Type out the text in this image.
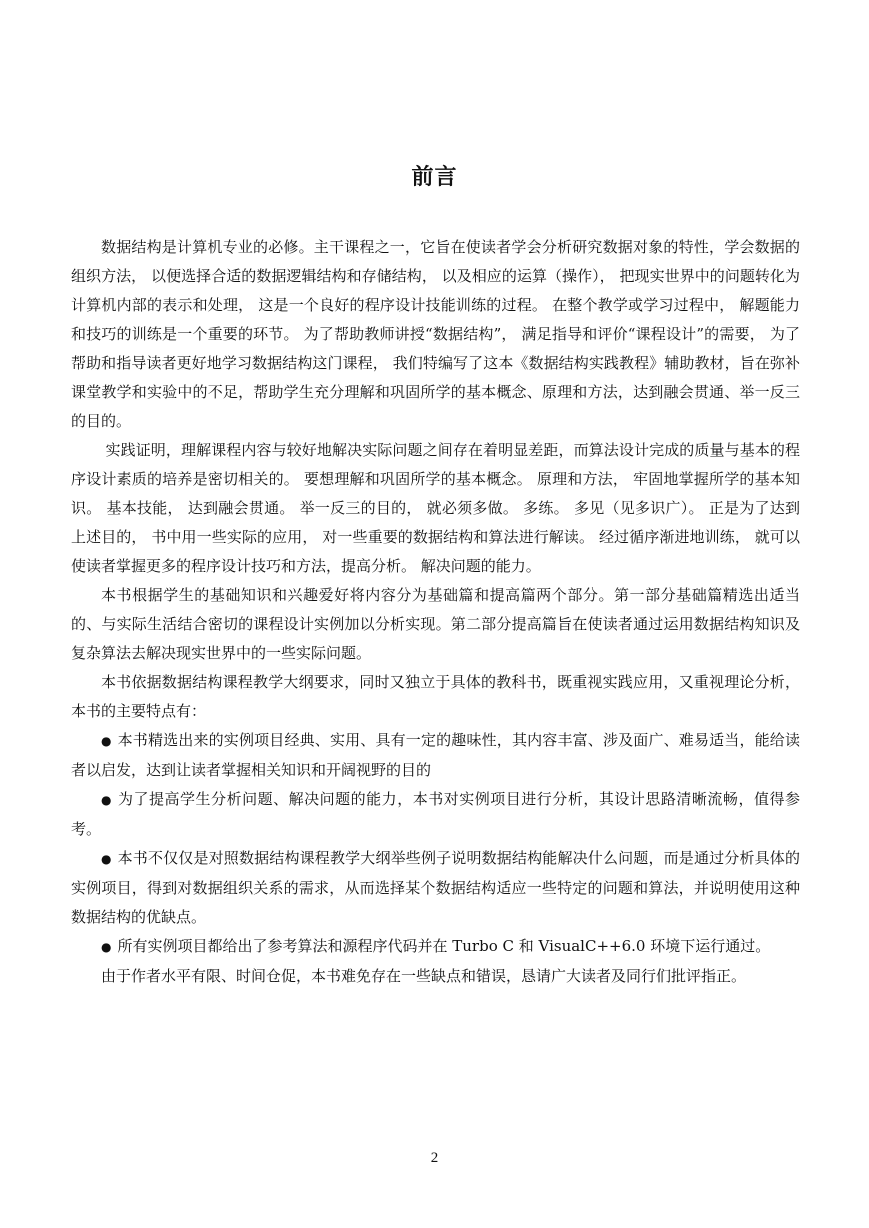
前言

数据结构是计算机专业的必修。主干课程之一，它旨在使读者学会分析研究数据对象的特性，学会数据的组织方法， 以便选择合适的数据逻辑结构和存储结构， 以及相应的运算（操作）， 把现实世界中的问题转化为计算机内部的表示和处理， 这是一个良好的程序设计技能训练的过程。 在整个教学或学习过程中， 解题能力和技巧的训练是一个重要的环节。 为了帮助教师讲授“数据结构”， 满足指导和评价“课程设计”的需要， 为了帮助和指导读者更好地学习数据结构这门课程， 我们特编写了这本《数据结构实践教程》辅助教材，旨在弥补课堂教学和实验中的不足，帮助学生充分理解和巩固所学的基本概念、原理和方法，达到融会贯通、举一反三的目的。

实践证明，理解课程内容与较好地解决实际问题之间存在着明显差距，而算法设计完成的质量与基本的程序设计素质的培养是密切相关的。 要想理解和巩固所学的基本概念。 原理和方法， 牢固地掌握所学的基本知识。 基本技能， 达到融会贯通。 举一反三的目的， 就必须多做。 多练。 多见（见多识广）。 正是为了达到上述目的， 书中用一些实际的应用， 对一些重要的数据结构和算法进行解读。 经过循序渐进地训练， 就可以使读者掌握更多的程序设计技巧和方法，提高分析。 解决问题的能力。

本书根据学生的基础知识和兴趣爱好将内容分为基础篇和提高篇两个部分。第一部分基础篇精选出适当的、与实际生活结合密切的课程设计实例加以分析实现。第二部分提高篇旨在使读者通过运用数据结构知识及复杂算法去解决现实世界中的一些实际问题。

本书依据数据结构课程教学大纲要求，同时又独立于具体的教科书，既重视实践应用，又重视理论分析，本书的主要特点有：

● 本书精选出来的实例项目经典、实用、具有一定的趣味性，其内容丰富、涉及面广、难易适当，能给读者以启发，达到让读者掌握相关知识和开阔视野的目的

● 为了提高学生分析问题、解决问题的能力，本书对实例项目进行分析，其设计思路清晰流畅，值得参考。

● 本书不仅仅是对照数据结构课程教学大纲举些例子说明数据结构能解决什么问题，而是通过分析具体的实例项目，得到对数据组织关系的需求，从而选择某个数据结构适应一些特定的问题和算法，并说明使用这种数据结构的优缺点。

● 所有实例项目都给出了参考算法和源程序代码并在 Turbo C 和 VisualC++6.0 环境下运行通过。

由于作者水平有限、时间仓促，本书难免存在一些缺点和错误，恳请广大读者及同行们批评指正。

2
